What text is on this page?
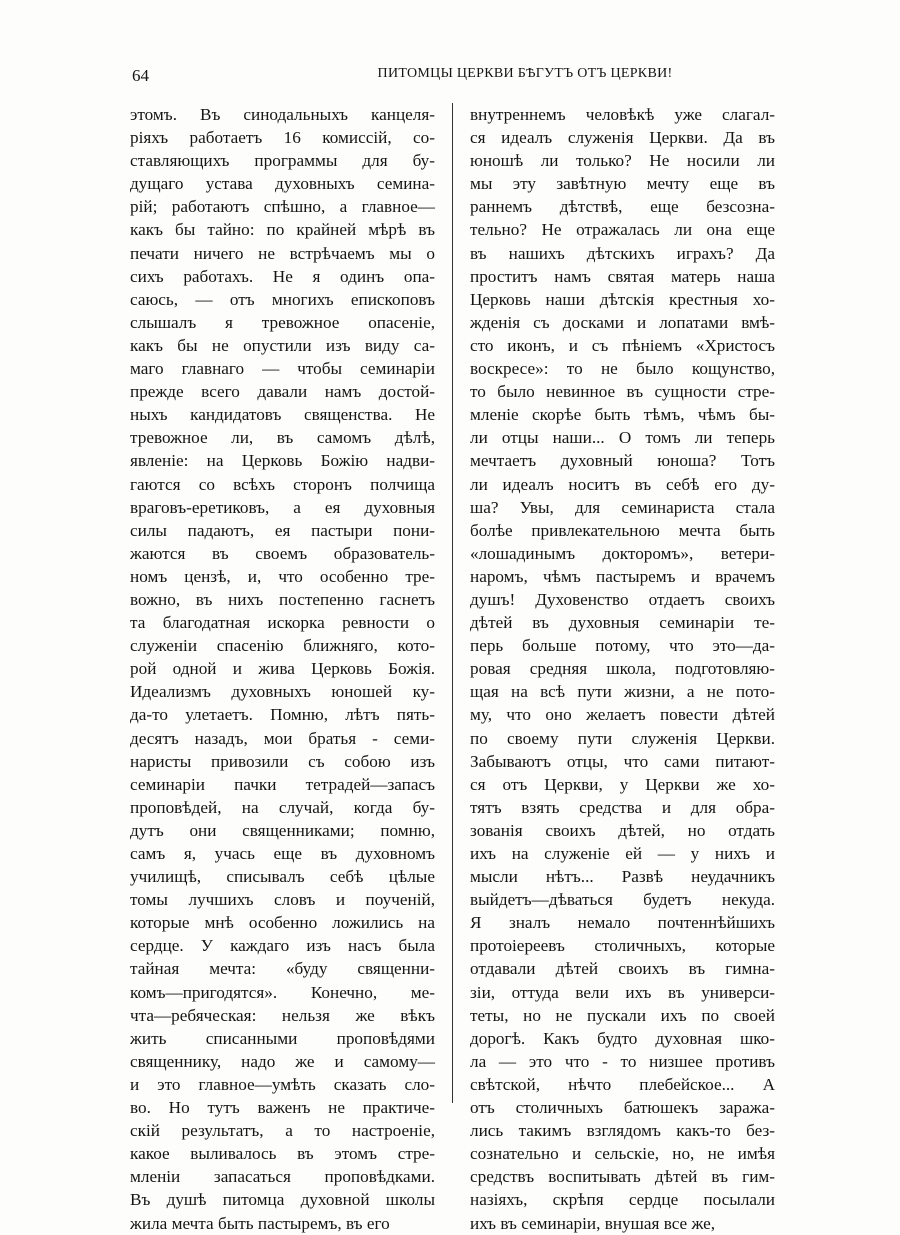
64	ПИТОМЦЫ ЦЕРКВИ БѢГУТЪ ОТЪ ЦЕРКВИ!
этомъ. Въ синодальныхъ канцеля-
ріяхъ работаетъ 16 комиссій, со-
ставляющихъ программы для бу-
дущаго устава духовныхъ семина-
рій; работаютъ спѣшно, а главное—
какъ бы тайно: по крайней мѣрѣ въ
печати ничего не встрѣчаемъ мы о
сихъ работахъ. Не я одинъ опа-
саюсь, — отъ многихъ епископовъ
слышалъ я тревожное опасеніе,
какъ бы не опустили изъ виду са-
маго главнаго — чтобы семинаріи
прежде всего давали намъ достой-
ныхъ кандидатовъ священства. Не
тревожное ли, въ самомъ дѣлѣ,
явленіе: на Церковь Божію надви-
гаются со всѣхъ сторонъ полчища
враговъ-еретиковъ, а ея духовныя
силы падаютъ, ея пастыри пони-
жаются въ своемъ образователь-
номъ цензѣ, и, что особенно тре-
вожно, въ нихъ постепенно гаснетъ
та благодатная искорка ревности о
служеніи спасенію ближняго, кото-
рой одной и жива Церковь Божія.
Идеализмъ духовныхъ юношей ку-
да-то улетаетъ. Помню, лѣтъ пять-
десятъ назадъ, мои братья - семи-
наристы привозили съ собою изъ
семинаріи пачки тетрадей—запасъ
проповѣдей, на случай, когда бу-
дутъ они священниками; помню,
самъ я, учась еще въ духовномъ
училищѣ, списывалъ себѣ цѣлые
томы лучшихъ словъ и поученій,
которые мнѣ особенно ложились на
сердце. У каждаго изъ насъ была
тайная мечта: «буду священни-
комъ—пригодятся». Конечно, ме-
чта—ребяческая: нельзя же вѣкъ
жить списанными проповѣдями
священнику, надо же и самому—
и это главное—умѣть сказать сло-
во. Но тутъ важенъ не практиче-
скій результатъ, а то настроеніе,
какое выливалось въ этомъ стре-
мленіи запасаться проповѣдками.
Въ душѣ питомца духовной школы
жила мечта быть пастыремъ, въ его
внутреннемъ человѣкѣ уже слагал-
ся идеалъ служенія Церкви. Да въ
юношѣ ли только? Не носили ли
мы эту завѣтную мечту еще въ
раннемъ дѣтствѣ, еще безсозна-
тельно? Не отражалась ли она еще
въ нашихъ дѣтскихъ играхъ? Да
проститъ намъ святая матерь наша
Церковь наши дѣтскія крестныя хо-
жденія съ досками и лопатами вмѣ-
сто иконъ, и съ пѣніемъ «Христосъ
воскресе»: то не было кощунство,
то было невинное въ сущности стре-
мленіе скорѣе быть тѣмъ, чѣмъ бы-
ли отцы наши... О томъ ли теперь
мечтаетъ духовный юноша? Тотъ
ли идеалъ носитъ въ себѣ его ду-
ша? Увы, для семинариста стала
болѣе привлекательною мечта быть
«лошадинымъ докторомъ», ветери-
наромъ, чѣмъ пастыремъ и врачемъ
душъ! Духовенство отдаетъ своихъ
дѣтей въ духовныя семинаріи те-
перь больше потому, что это—да-
ровая средняя школа, подготовляю-
щая на всѣ пути жизни, а не пото-
му, что оно желаетъ повести дѣтей
по своему пути служенія Церкви.
Забываютъ отцы, что сами питают-
ся отъ Церкви, у Церкви же хо-
тятъ взять средства и для обра-
зованія своихъ дѣтей, но отдать
ихъ на служеніе ей — у нихъ и
мысли нѣтъ... Развѣ неудачникъ
выйдетъ—дѣваться будетъ некуда.
Я зналъ немало почтеннѣйшихъ
протоіереевъ столичныхъ, которые
отдавали дѣтей своихъ въ гимна-
зіи, оттуда вели ихъ въ универси-
теты, но не пускали ихъ по своей
дорогѣ. Какъ будто духовная шко-
ла — это что - то низшее противъ
свѣтской, нѣчто плебейское... А
отъ столичныхъ батюшекъ заража-
лись такимъ взглядомъ какъ-то без-
сознательно и сельскіе, но, не имѣя
средствъ воспитывать дѣтей въ гим-
назіяхъ, скрѣпя сердце посылали
ихъ въ семинаріи, внушая все же,
